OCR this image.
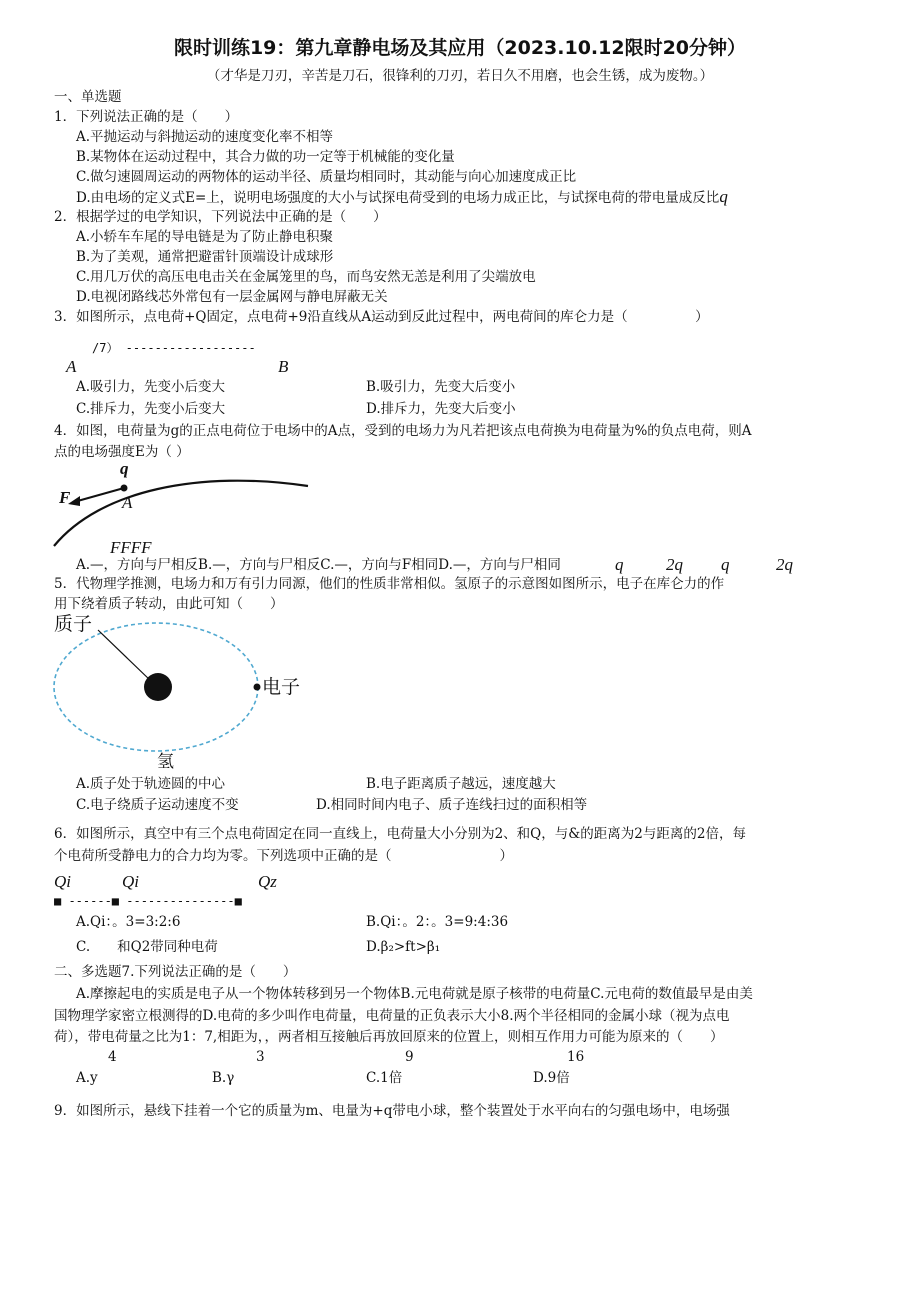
限时训练19：第九章静电场及其应用（2023.10.12限时20分钟）
（才华是刀刃，辛苦是刀石，很锋利的刀刃，若日久不用磨，也会生锈，成为废物。）
一、单选题
1．下列说法正确的是（　　）
A.平抛运动与斜抛运动的速度变化率不相等
B.某物体在运动过程中，其合力做的功一定等于机械能的变化量
C.做匀速圆周运动的两物体的运动半径、质量均相同时，其动能与向心加速度成正比
D.由电场的定义式E=上，说明电场强度的大小与试探电荷受到的电场力成正比，与试探电荷的带电量成反比q
2．根据学过的电学知识，下列说法中正确的是（　　）
A.小轿车车尾的导电链是为了防止静电积聚
B.为了美观，通常把避雷针顶端设计成球形
C.用几万伏的高压电电击关在金属笼里的鸟，而鸟安然无恙是利用了尖端放电
D.电视闭路线芯外常包有一层金属网与静电屏蔽无关
3．如图所示，点电荷+Q固定，点电荷+9沿直线从A运动到反此过程中，两电荷间的库仑力是（　　　　　）
/7） ------------------
A	B
A.吸引力，先变小后变大	B.吸引力，先变大后变小
C.排斥力，先变小后变大	D.排斥力，先变大后变小
4．如图，电荷量为g的正点电荷位于电场中的A点，受到的电场力为凡若把该点电荷换为电荷量为%的负点电荷，则A
点的电场强度E为（ ）
q
F	A
FFFF
A.—，方向与尸相反B.—，方向与尸相反C.—，方向与F相同D.—，方向与尸相同	q	2q q	2q
5．代物理学推测，电场力和万有引力同源，他们的性质非常相似。氢原子的示意图如图所示，电子在库仑力的作
用下绕着质子转动，由此可知（　　）
质子
电子
氢
A.质子处于轨迹圆的中心	B.电子距离质子越远，速度越大
C.电子绕质子运动速度不变	D.相同时间内电子、质子连线扫过的面积相等
6．如图所示，真空中有三个点电荷固定在同一直线上，电荷量大小分别为2、和Q，与&的距离为2与距离的2倍，每
个电荷所受静电力的合力均为零。下列选项中正确的是（　　　　　　　　）
Qi	Qi	Qz
■ ------■ ---------------■
A.Qi：。3=3:2:6	B.Qi：。2：。3=9:4:36
C.　　和Q2带同种电荷	D.β₂>ft>β₁
二、多选题7.下列说法正确的是（　　）
A.摩擦起电的实质是电子从一个物体转移到另一个物体B.元电荷就是原子核带的电荷量C.元电荷的数值最早是由美
国物理学家密立根测得的D.电荷的多少叫作电荷量，电荷量的正负表示大小8.两个半径相同的金属小球（视为点电
荷），带电荷量之比为1：7,相距为，，两者相互接触后再放回原来的位置上，则相互作用力可能为原来的（　　）
4	3	9	16
A.y	B.γ	C.1倍	D.9倍
9．如图所示，悬线下挂着一个它的质量为m、电量为+q带电小球，整个装置处于水平向右的匀强电场中，电场强
